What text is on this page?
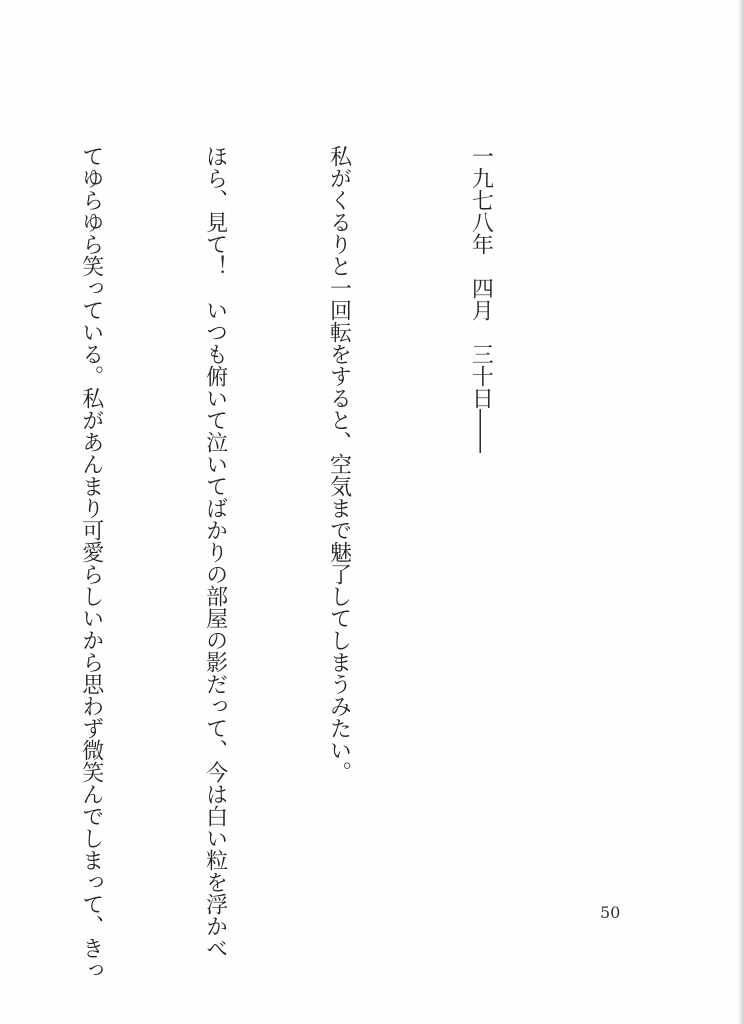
一九七八年　四月　三十日――

私がくるりと一回転をすると、空気まで魅了してしまうみたい。

ほら、見て！　いつも俯いて泣いてばかりの部屋の影だって、今は白い粒を浮かべ

てゆらゆら笑っている。私があんまり可愛らしいから思わず微笑んでしまって、きっ

	50
